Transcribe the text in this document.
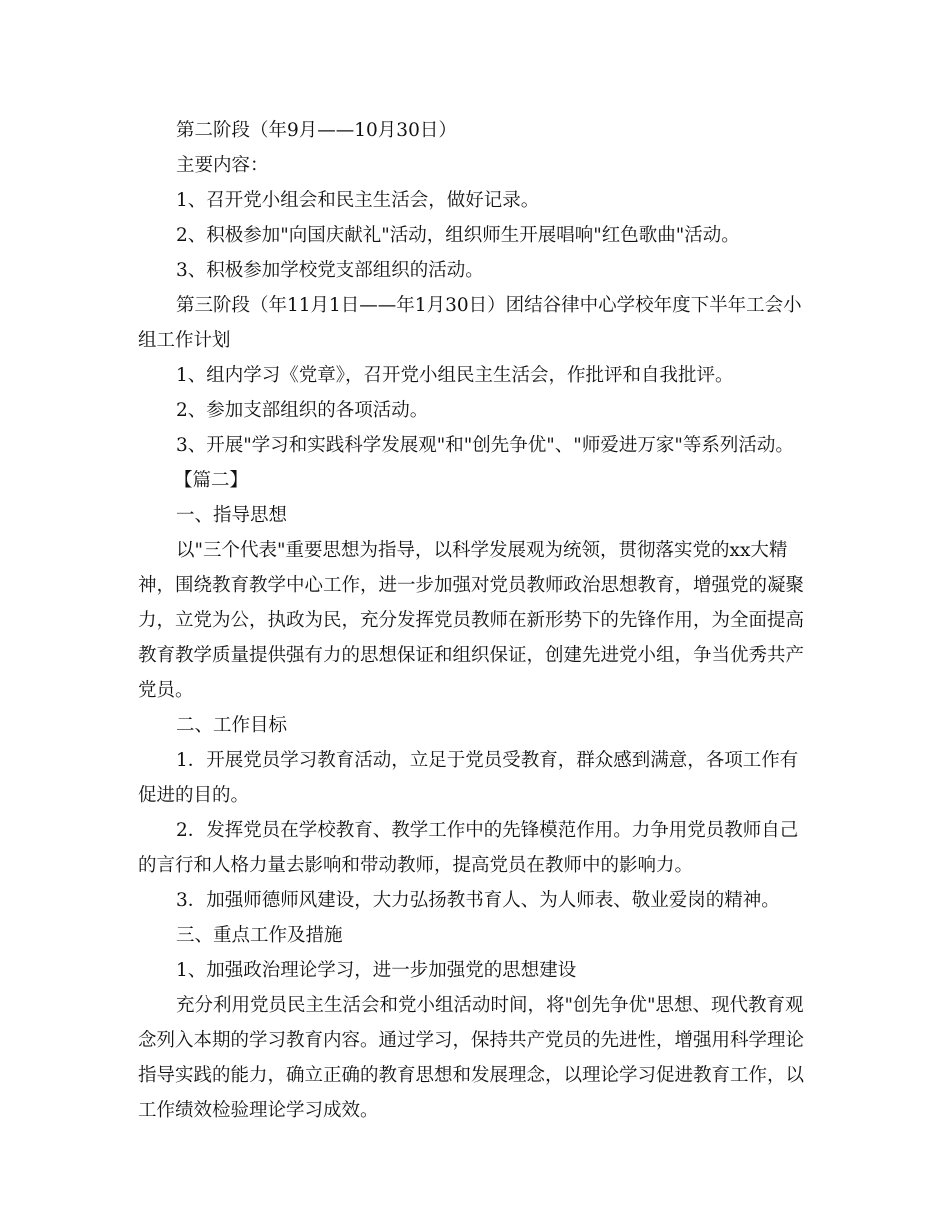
第二阶段（年9月——10月30日）

主要内容：

1、召开党小组会和民主生活会，做好记录。

2、积极参加"向国庆献礼"活动，组织师生开展唱响"红色歌曲"活动。

3、积极参加学校党支部组织的活动。

第三阶段（年11月1日——年1月30日）团结谷律中心学校年度下半年工会小组工作计划

1、组内学习《党章》，召开党小组民主生活会，作批评和自我批评。

2、参加支部组织的各项活动。

3、开展"学习和实践科学发展观"和"创先争优"、"师爱进万家"等系列活动。

【篇二】

一、指导思想

以"三个代表"重要思想为指导，以科学发展观为统领，贯彻落实党的xx大精神，围绕教育教学中心工作，进一步加强对党员教师政治思想教育，增强党的凝聚力，立党为公，执政为民，充分发挥党员教师在新形势下的先锋作用，为全面提高教育教学质量提供强有力的思想保证和组织保证，创建先进党小组，争当优秀共产党员。

二、工作目标

1．开展党员学习教育活动，立足于党员受教育，群众感到满意，各项工作有促进的目的。

2．发挥党员在学校教育、教学工作中的先锋模范作用。力争用党员教师自己的言行和人格力量去影响和带动教师，提高党员在教师中的影响力。

3．加强师德师风建设，大力弘扬教书育人、为人师表、敬业爱岗的精神。

三、重点工作及措施

1、加强政治理论学习，进一步加强党的思想建设

充分利用党员民主生活会和党小组活动时间，将"创先争优"思想、现代教育观念列入本期的学习教育内容。通过学习，保持共产党员的先进性，增强用科学理论指导实践的能力，确立正确的教育思想和发展理念，以理论学习促进教育工作，以工作绩效检验理论学习成效。
